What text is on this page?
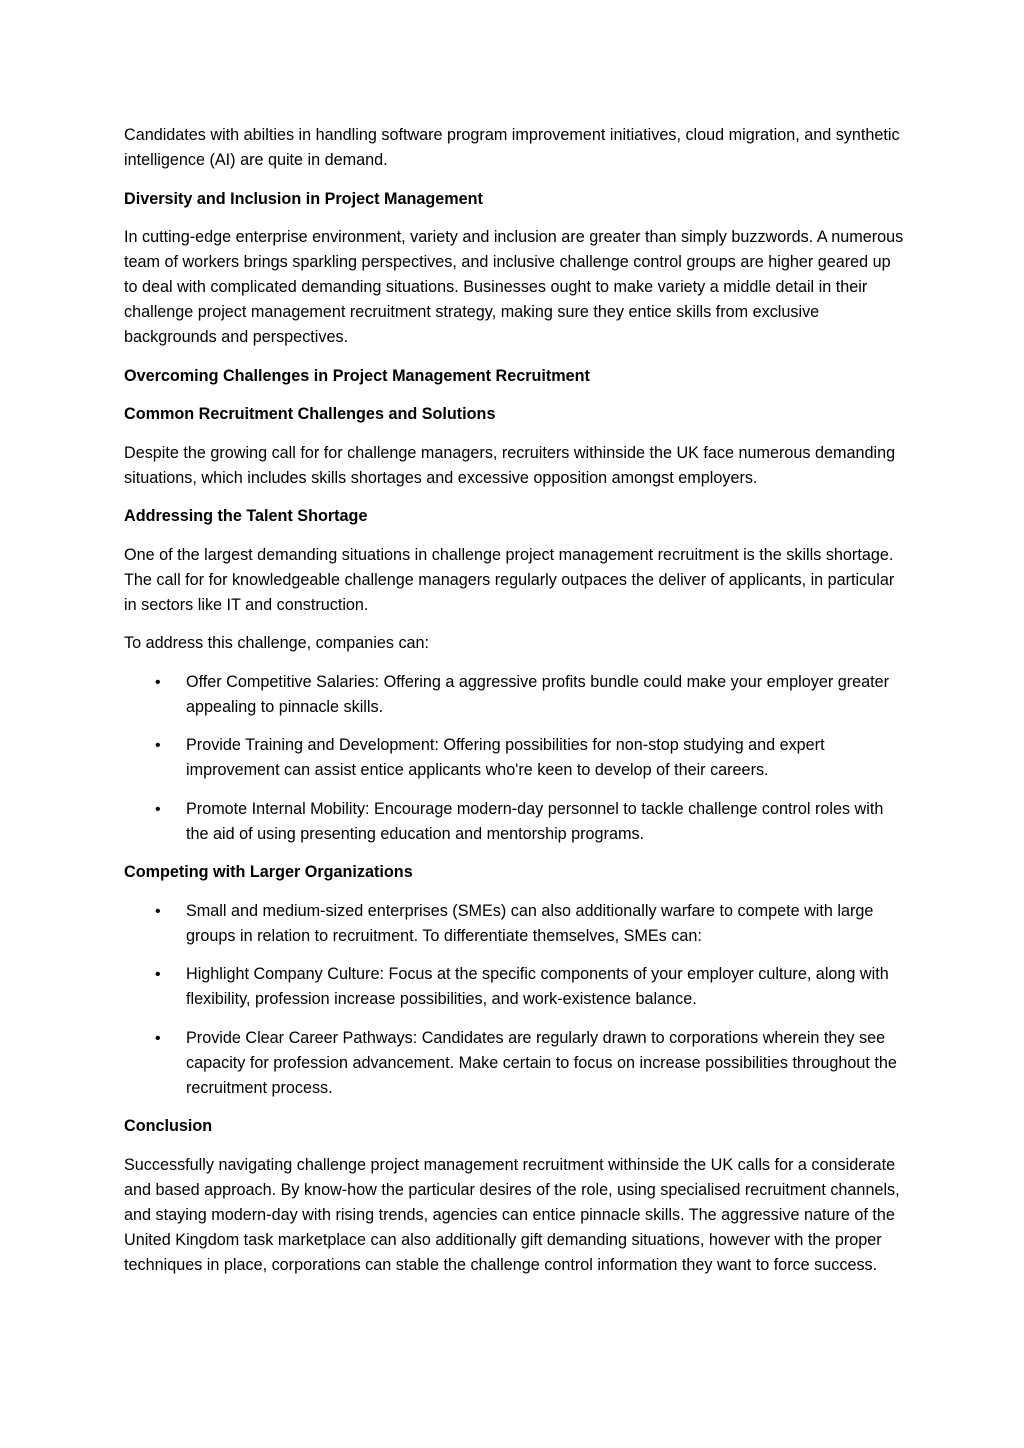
Candidates with abilties in handling software program improvement initiatives, cloud migration, and synthetic intelligence (AI) are quite in demand.

Diversity and Inclusion in Project Management

In cutting-edge enterprise environment, variety and inclusion are greater than simply buzzwords. A numerous team of workers brings sparkling perspectives, and inclusive challenge control groups are higher geared up to deal with complicated demanding situations. Businesses ought to make variety a middle detail in their challenge project management recruitment strategy, making sure they entice skills from exclusive backgrounds and perspectives.

Overcoming Challenges in Project Management Recruitment
Common Recruitment Challenges and Solutions

Despite the growing call for for challenge managers, recruiters withinside the UK face numerous demanding situations, which includes skills shortages and excessive opposition amongst employers.

Addressing the Talent Shortage

One of the largest demanding situations in challenge project management recruitment is the skills shortage. The call for for knowledgeable challenge managers regularly outpaces the deliver of applicants, in particular in sectors like IT and construction.

To address this challenge, companies can:

• Offer Competitive Salaries: Offering a aggressive profits bundle could make your employer greater appealing to pinnacle skills.
• Provide Training and Development: Offering possibilities for non-stop studying and expert improvement can assist entice applicants who're keen to develop of their careers.
• Promote Internal Mobility: Encourage modern-day personnel to tackle challenge control roles with the aid of using presenting education and mentorship programs.
Competing with Larger Organizations
• Small and medium-sized enterprises (SMEs) can also additionally warfare to compete with large groups in relation to recruitment. To differentiate themselves, SMEs can:
• Highlight Company Culture: Focus at the specific components of your employer culture, along with flexibility, profession increase possibilities, and work-existence balance.
• Provide Clear Career Pathways: Candidates are regularly drawn to corporations wherein they see capacity for profession advancement. Make certain to focus on increase possibilities throughout the recruitment process.
Conclusion

Successfully navigating challenge project management recruitment withinside the UK calls for a considerate and based approach. By know-how the particular desires of the role, using specialised recruitment channels, and staying modern-day with rising trends, agencies can entice pinnacle skills. The aggressive nature of the United Kingdom task marketplace can also additionally gift demanding situations, however with the proper techniques in place, corporations can stable the challenge control information they want to force success.
